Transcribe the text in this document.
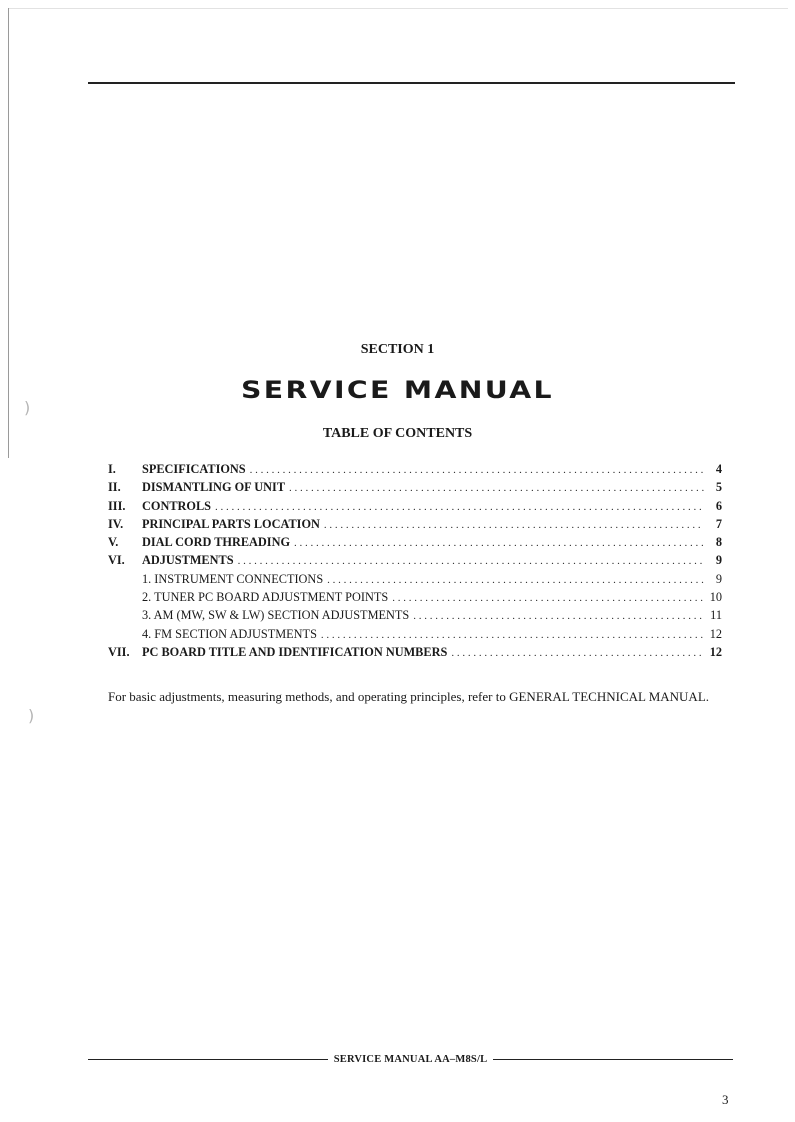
)
)
SECTION 1
SERVICE MANUAL
TABLE OF CONTENTS
I.	SPECIFICATIONS . . .	4
II.	DISMANTLING OF UNIT . . .	5
III.	CONTROLS . . .	6
IV.	PRINCIPAL PARTS LOCATION . . .	7
V.	DIAL CORD THREADING . . .	8
VI.	ADJUSTMENTS . . .	9
1. INSTRUMENT CONNECTIONS . . .	9
2. TUNER PC BOARD ADJUSTMENT POINTS . . .	10
3. AM (MW, SW & LW) SECTION ADJUSTMENTS . . .	11
4. FM SECTION ADJUSTMENTS . . .	12
VII.	PC BOARD TITLE AND IDENTIFICATION NUMBERS . . .	12
For basic adjustments, measuring methods, and operating principles, refer to GENERAL TECHNICAL MANUAL.
SERVICE MANUAL AA–M8S/L
3
